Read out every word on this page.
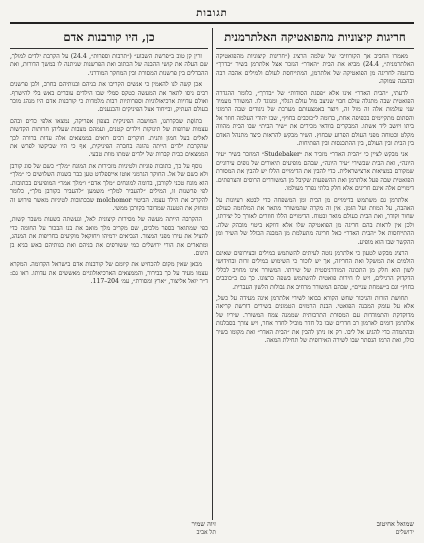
תגובות
חריגות קיצוניות מהפואטיקה האלתרמנית

מאמרו החביב אך הקורוזיבי של שלמה הרציג (״חריגות קיצוניות מהפואטיקה האלתרמנית״, 24.4) מביא את הבית ״האדר״ הנזכר אצל אלתרמן בשיר ״בדרך״ כדוגמה לחריגה מן הפואטיקה של אלתרמן, המתייחסת לעולם ולמילים אהבה רבה ובהבנה עמוקה.

לדעתי, ״הבית האדר״ אינו אלא ״פסגת הסודות״ של ״בדרך״, כלומר ההגדרה הפואטית שבה מתגלה עולם חבוי שניצב מול עולם הגלוי, ומנוגד לו. המשורר מעמיד שני עולמות אלה זה מול זה, ויוצר באמצעותם מערכת של ניגודים שבה הרמוני והסתום מתקיימים בכפיפה אחת, בדומה ל״כוכבים בחוץ״, שבו יהודי העלמה חוזר אל ביתו ויושב ליד אשתו. המבקרים בוודאי מכירים את ״שיר הבית״ שבו הבית מהווה מקלט ובטוחה מפני העולם הפרוע שבחוץ. השיר מבקש להראות כיצד מתנהל האדם בין הבית ובין העולם, בין ההתכנסות ובין הפתיחות.

אני מבקש לציין כי ״הבית האדר״ מזכיר את ״Studebaker״ המוזכר בשיר ״עיר היונה״, ואת הבית שבשירי ״עיר היונה״, שבהם מופיעים תיאורים של נופים עירוניים שמקורם במציאות ארצישראלית. כדי להבין את הדימויים הללו יש להבין את המסורת הפואטית שבה פעל אלתרמן ואת ההשפעות שקיבל מן המשוררים הרוסים והצרפתים. דימויים אלה אינם חריגים אלא חלק בלתי נפרד מעולמו.

אלתרמן גם משתמש בדימויים מן הבית ומן המשפחה כדי לבטא רעיונות על האהבה, על המוות ועל הזמן. אין זה מקרה שהמשורר מתאר את המלחמה כעולם שחור וקודר, ואת הבית כעולם מואר ובטוח. הדימויים הללו חוזרים לאורך כל יצירתו, ולכן אין לראות בהם חריגה מן הפואטיקה שלו אלא דווקא ביטוי מובהק שלה. ההתייחסות אל ״הבית האדר״ כאל חריגה מתעלמת מן המבנה הכולל של השיר ומן ההקשר שבו הוא מופיע.

הרציג מבקש לטעון כי אלתרמן נוטה לעיתים להשתמש במילים ובצירופים שאינם הולמים את המשקל ואת החריזה, אך יש לזכור כי השימוש במילים זרות ובחידושי לשון הוא חלק מן התכונה המודרניסטית של שירתו. המשורר אינו מחויב לכללי הדקדוק הרגילים, ויש לו חירות פואטית להשתמש בשפה כרצונו. כך גם ב״כוכבים בחוץ״ וגם ב״שמחת עניים״, שבהם המשורר מרחיב את גבולות הלשון העברית.

תחושת הזרות והניכור שחש הקורא בבואו לשירי אלתרמן אינה מעידה על כשל, אלא על עומק המבנה הפואטי. הבנת הרמזים הטמונים בשירים דורשת קריאה מדוקדקת והתמודדות עם המסורת התרבותית שממנה צמח המשורר. שיריו של אלתרמן דומים לארמון רב חדרים שבו כל חדר מוביל לחדר אחר, ויש צורך בסבלנות ובהתמדה כדי להגיע אל ליבו. רק אז ניתן להבין את ״הבית האדר״ ואת מקומו בשיר כולו, ואת הרמז הנסתר שבו לשירה האירופית של תחילת המאה.

כן, היו קורבנות אדם

זרין קן טוב ב״פרשת השבוע״ (״תרבות וספרות״, 24.4) על הקרבת ילדים למולך, שם העלה את קושי ההבנה של הכתוב ואת הפרשנות שניתנה לו במשך הדורות, ואת ההבדלים בין פרשנות המסורת ובין המחקר המודרני.

אכן קשה לנו להאמין כי אנשים הקריבו את בניהם ובנותיהם בחרב, ולכן פרשנים רבים ניסו לתאר את המעשה כטקס סמלי שבו הילדים עוברים באש בלי להישרף. ואולם עדויות ארכיאולוגיות וספרותיות רבות מלמדות כי קורבנות אדם היו מנהג מוכר בעולם העתיק, ובייחוד אצל הפיניקים והכנענים.

בתוֹפֶת שבקרתגו, המושבה הפיניקית בצפון אפריקה, נמצאו אלפי כדים ובהם עצמות שרופות של תינוקות וילדים קטנים, ועמהם מצבות שעליהן חרותות הקדשות לאלים בעל חמון ותנית. חוקרים רבים רואים בממצאים אלה עדות ברורה לכך שהקרבת ילדים הייתה נהוגה בחברה הפיניקית, אף כי היו שביקשו לפרש את הממצאים כבית קברות של ילדים שמתו מוות טבעי.

נוסף על כך, כתובות פוניות ולטיניות מזכירות את המונח ״מלך״ כשם של סוג קורבן ולא כשם של אל. החוקר הגרמני אוטו אייספלדט טען כבר בשנות השלושים כי ״מלך״ הוא מונח טכני לקורבן, בדומה למונחים ״מלך אדם״ ו״מלך אמר״ המופיעים בכתובות. לפי פרשנות זו, המילים ״להעביר למלך״ משמען ״להעביר כקורבן מלך״, כלומר להקריב את הילד עצמו. הביטוי molchomor שבכתובות לטיניות מאשר פירוש זה ומחזק את הטענה שמדובר בקורבן ממשי.

ההקרבה הייתה מעשה של מסירות קיצונית לאל, ונעשתה בשעות משבר קשות, כפי שמתואר בספר מלכים, שם מקריב מלך מואב את בנו הבכור על החומה כדי להציל את עירו מפני המצור. הנביאים ירמיהו ויחזקאל מוקיעים בחריפות את המנהג, ומתארים את הורי ירושלים כמי ששורפים את בניהם ואת בנותיהם באש בגיא בן הינום.

מכאן שאין מקום להכחיש את קיומם של קורבנות אדם בישראל הקדומה. המקרא עצמו מעיד על כך בבירור, והממצאים הארכיאולוגיים מאששים את עדותו. ראו גם: ד״ר יואל אליצור, ״ארץ ומסורת״, עמ׳ 204–117.

זיוה שמיר
תל אביב
שמואל אחיטוב
ירושלים
